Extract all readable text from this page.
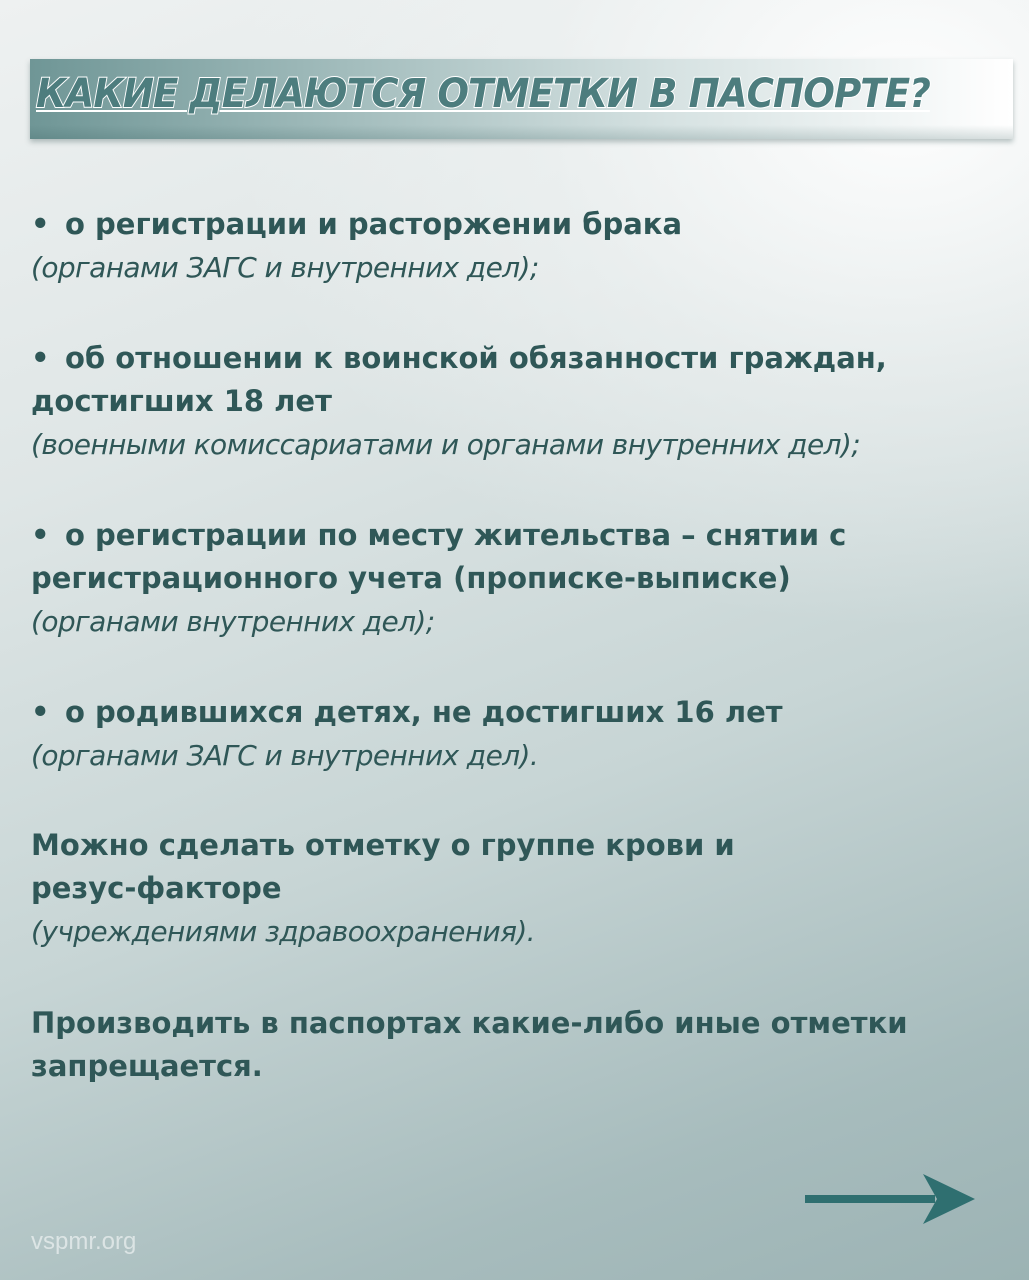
КАКИЕ ДЕЛАЮТСЯ ОТМЕТКИ В ПАСПОРТЕ?
• о регистрации и расторжении брака
(органами ЗАГС и внутренних дел);
• об отношении к воинской обязанности граждан,
достигших 18 лет
(военными комиссариатами и органами внутренних дел);
• о регистрации по месту жительства – снятии с
регистрационного учета (прописке-выписке)
(органами внутренних дел);
• о родившихся детях, не достигших 16 лет
(органами ЗАГС и внутренних дел).
Можно сделать отметку о группе крови и
резус-факторе
(учреждениями здравоохранения).
Производить в паспортах какие-либо иные отметки
запрещается.
vspmr.org
